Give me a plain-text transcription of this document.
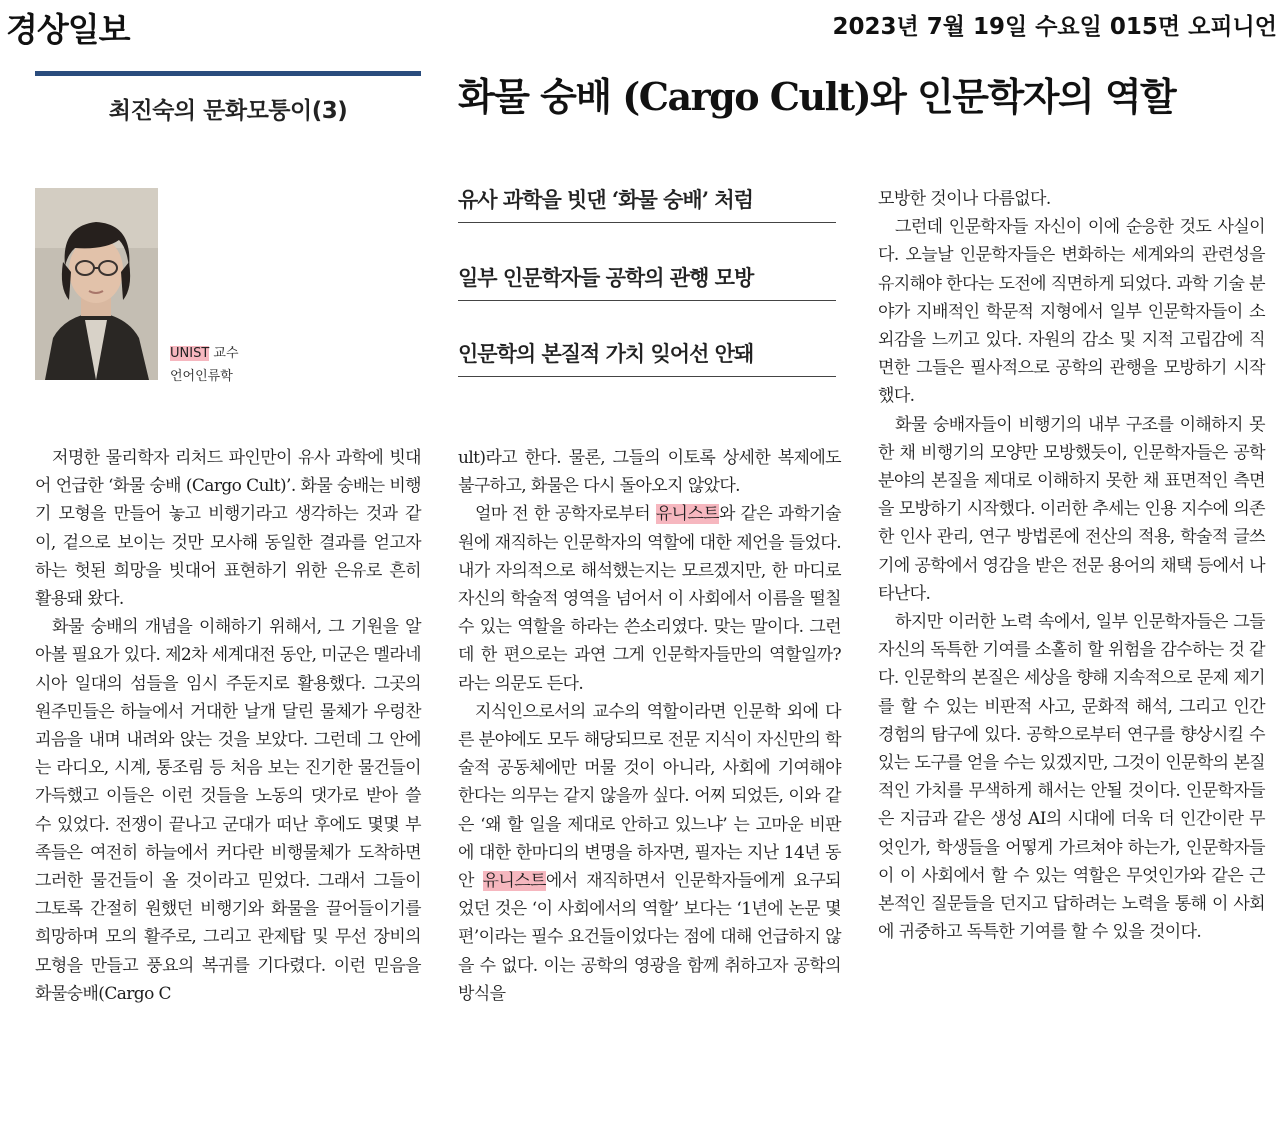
경상일보	2023년 7월 19일 수요일 015면 오피니언
최진숙의 문화모퉁이(3)	화물 숭배 (Cargo Cult)와 인문학자의 역할
UNIST 교수
언어인류학
유사 과학을 빗댄 ‘화물 숭배’ 처럼
일부 인문학자들 공학의 관행 모방
인문학의 본질적 가치 잊어선 안돼

저명한 물리학자 리처드 파인만이 유사 과학에 빗대어 언급한 ‘화물 숭배 (Cargo Cult)’. 화물 숭배는 비행기 모형을 만들어 놓고 비행기라고 생각하는 것과 같이, 겉으로 보이는 것만 모사해 동일한 결과를 얻고자 하는 헛된 희망을 빗대어 표현하기 위한 은유로 흔히 활용돼 왔다.

화물 숭배의 개념을 이해하기 위해서, 그 기원을 알아볼 필요가 있다. 제2차 세계대전 동안, 미군은 멜라네시아 일대의 섬들을 임시 주둔지로 활용했다. 그곳의 원주민들은 하늘에서 거대한 날개 달린 물체가 우렁찬 괴음을 내며 내려와 앉는 것을 보았다. 그런데 그 안에는 라디오, 시계, 통조림 등 처음 보는 진기한 물건들이 가득했고 이들은 이런 것들을 노동의 댓가로 받아 쓸 수 있었다. 전쟁이 끝나고 군대가 떠난 후에도 몇몇 부족들은 여전히 하늘에서 커다란 비행물체가 도착하면 그러한 물건들이 올 것이라고 믿었다. 그래서 그들이 그토록 간절히 원했던 비행기와 화물을 끌어들이기를 희망하며 모의 활주로, 그리고 관제탑 및 무선 장비의 모형을 만들고 풍요의 복귀를 기다렸다. 이런 믿음을 화물숭배(Cargo C

ult)라고 한다. 물론, 그들의 이토록 상세한 복제에도 불구하고, 화물은 다시 돌아오지 않았다.

얼마 전 한 공학자로부터 유니스트와 같은 과학기술원에 재직하는 인문학자의 역할에 대한 제언을 들었다. 내가 자의적으로 해석했는지는 모르겠지만, 한 마디로 자신의 학술적 영역을 넘어서 이 사회에서 이름을 떨칠 수 있는 역할을 하라는 쓴소리였다. 맞는 말이다. 그런데 한 편으로는 과연 그게 인문학자들만의 역할일까? 라는 의문도 든다.

지식인으로서의 교수의 역할이라면 인문학 외에 다른 분야에도 모두 해당되므로 전문 지식이 자신만의 학술적 공동체에만 머물 것이 아니라, 사회에 기여해야 한다는 의무는 같지 않을까 싶다. 어찌 되었든, 이와 같은 ‘왜 할 일을 제대로 안하고 있느냐’ 는 고마운 비판에 대한 한마디의 변명을 하자면, 필자는 지난 14년 동안 유니스트에서 재직하면서 인문학자들에게 요구되었던 것은 ‘이 사회에서의 역할’ 보다는 ‘1년에 논문 몇 편’이라는 필수 요건들이었다는 점에 대해 언급하지 않을 수 없다. 이는 공학의 영광을 함께 취하고자 공학의 방식을

모방한 것이나 다름없다.

그런데 인문학자들 자신이 이에 순응한 것도 사실이다. 오늘날 인문학자들은 변화하는 세계와의 관련성을 유지해야 한다는 도전에 직면하게 되었다. 과학 기술 분야가 지배적인 학문적 지형에서 일부 인문학자들이 소외감을 느끼고 있다. 자원의 감소 및 지적 고립감에 직면한 그들은 필사적으로 공학의 관행을 모방하기 시작했다.

화물 숭배자들이 비행기의 내부 구조를 이해하지 못한 채 비행기의 모양만 모방했듯이, 인문학자들은 공학 분야의 본질을 제대로 이해하지 못한 채 표면적인 측면을 모방하기 시작했다. 이러한 추세는 인용 지수에 의존한 인사 관리, 연구 방법론에 전산의 적용, 학술적 글쓰기에 공학에서 영감을 받은 전문 용어의 채택 등에서 나타난다.

하지만 이러한 노력 속에서, 일부 인문학자들은 그들 자신의 독특한 기여를 소홀히 할 위험을 감수하는 것 같다. 인문학의 본질은 세상을 향해 지속적으로 문제 제기를 할 수 있는 비판적 사고, 문화적 해석, 그리고 인간 경험의 탐구에 있다. 공학으로부터 연구를 향상시킬 수 있는 도구를 얻을 수는 있겠지만, 그것이 인문학의 본질적인 가치를 무색하게 해서는 안될 것이다. 인문학자들은 지금과 같은 생성 AI의 시대에 더욱 더 인간이란 무엇인가, 학생들을 어떻게 가르쳐야 하는가, 인문학자들이 이 사회에서 할 수 있는 역할은 무엇인가와 같은 근본적인 질문들을 던지고 답하려는 노력을 통해 이 사회에 귀중하고 독특한 기여를 할 수 있을 것이다.
